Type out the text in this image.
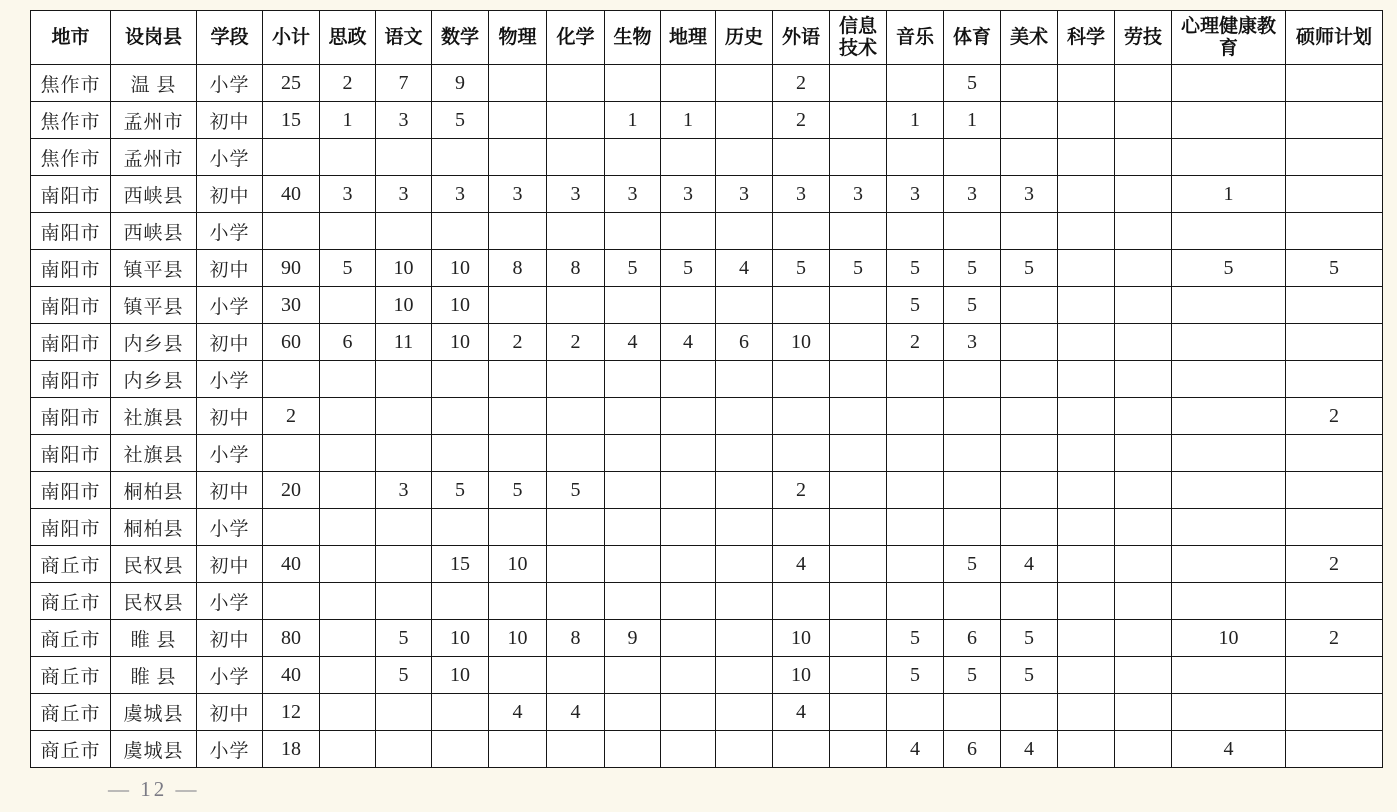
地市	设岗县	学段	小计	思政	语文	数学	物理	化学	生物	地理	历史	外语	信息技术	音乐	体育	美术	科学	劳技	心理健康教育	硕师计划
焦作市	温 县	小学	25	2	7	9						2			5					
焦作市	孟州市	初中	15	1	3	5			1	1		2		1	1					
焦作市	孟州市	小学																		
南阳市	西峡县	初中	40	3	3	3	3	3	3	3	3	3	3	3	3	3			1	
南阳市	西峡县	小学																		
南阳市	镇平县	初中	90	5	10	10	8	8	5	5	4	5	5	5	5	5			5	5
南阳市	镇平县	小学	30		10	10								5	5					
南阳市	内乡县	初中	60	6	11	10	2	2	4	4	6	10		2	3					
南阳市	内乡县	小学																		
南阳市	社旗县	初中	2																	2
南阳市	社旗县	小学																		
南阳市	桐柏县	初中	20		3	5	5	5				2								
南阳市	桐柏县	小学																		
商丘市	民权县	初中	40			15	10					4			5	4				2
商丘市	民权县	小学																		
商丘市	睢 县	初中	80		5	10	10	8	9			10		5	6	5			10	2
商丘市	睢 县	小学	40		5	10						10		5	5	5				
商丘市	虞城县	初中	12				4	4				4								
商丘市	虞城县	小学	18											4	6	4			4	
— 12 —
